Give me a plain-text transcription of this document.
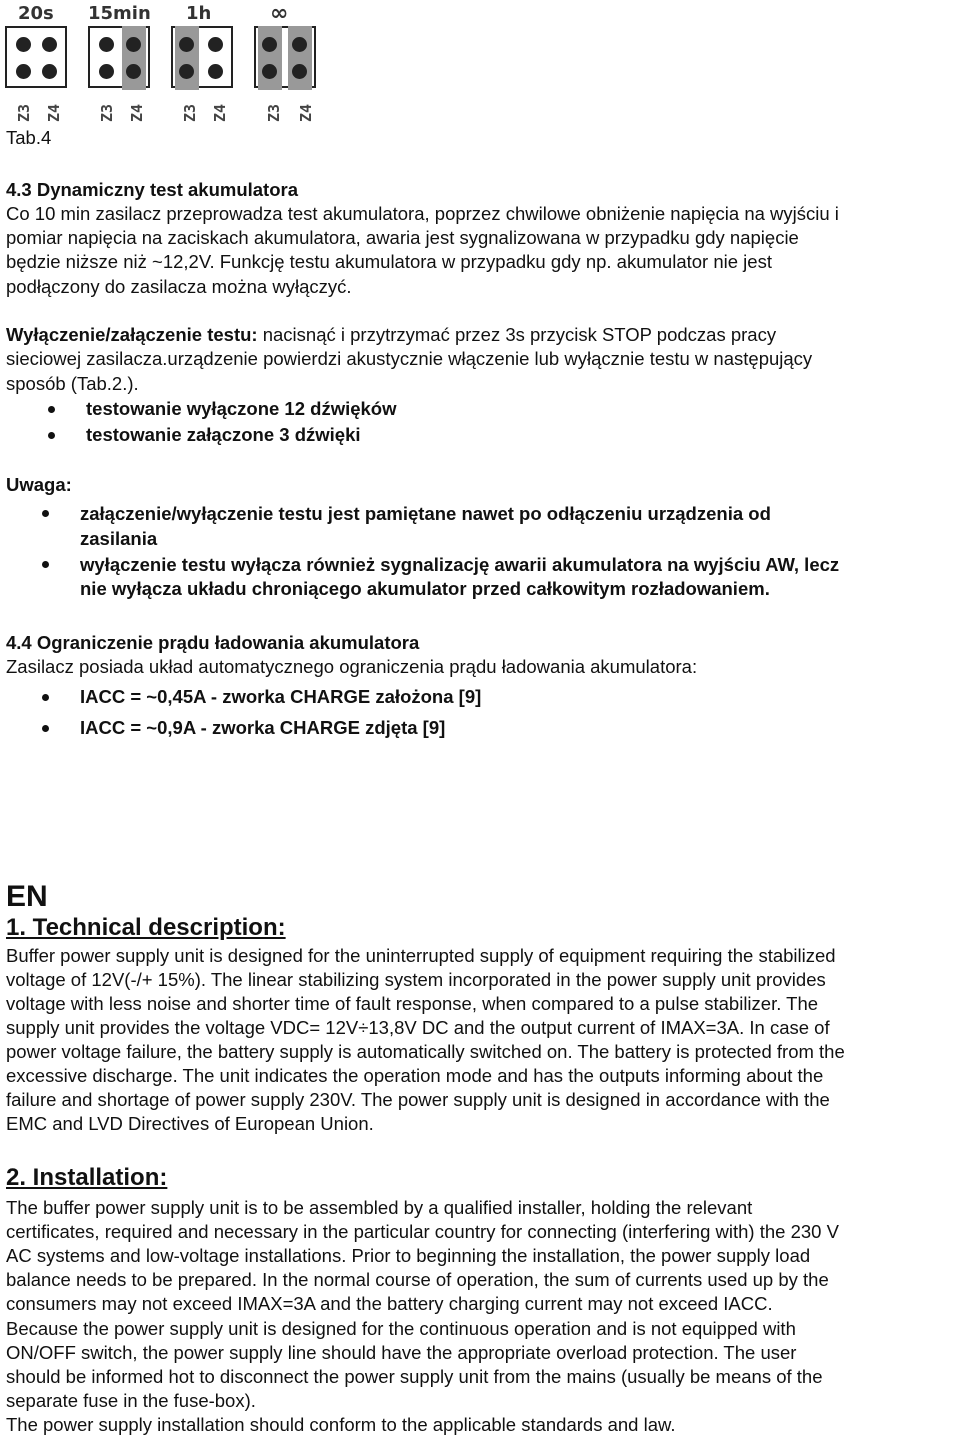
20s 15min 1h	∞
Z3 Z4 Z3 Z4 Z3 Z4 Z3 Z4
Tab.4
4.3 Dynamiczny test akumulatora
Co 10 min zasilacz przeprowadza test akumulatora, poprzez chwilowe obniżenie napięcia na wyjściu i
pomiar napięcia na zaciskach akumulatora, awaria jest sygnalizowana w przypadku gdy napięcie
będzie niższe niż ~12,2V. Funkcję testu akumulatora w przypadku gdy np. akumulator nie jest
podłączony do zasilacza można wyłączyć.
Wyłączenie/załączenie testu: nacisnąć i przytrzymać przez 3s przycisk STOP podczas pracy
sieciowej zasilacza.urządzenie powierdzi akustycznie włączenie lub wyłącznie testu w następujący
sposób (Tab.2.).
testowanie wyłączone 12 dźwięków
testowanie załączone 3 dźwięki
Uwaga:
załączenie/wyłączenie testu jest pamiętane nawet po odłączeniu urządzenia od
zasilania
wyłączenie testu wyłącza również sygnalizację awarii akumulatora na wyjściu AW, lecz
nie wyłącza układu chroniącego akumulator przed całkowitym rozładowaniem.
4.4 Ograniczenie prądu ładowania akumulatora
Zasilacz posiada układ automatycznego ograniczenia prądu ładowania akumulatora:
IACC = ~0,45A - zworka CHARGE założona [9]
IACC = ~0,9A - zworka CHARGE zdjęta [9]
EN
1. Technical description:
Buffer power supply unit is designed for the uninterrupted supply of equipment requiring the stabilized
voltage of 12V(-/+ 15%). The linear stabilizing system incorporated in the power supply unit provides
voltage with less noise and shorter time of fault response, when compared to a pulse stabilizer. The
supply unit provides the voltage VDC= 12V÷13,8V DC and the output current of IMAX=3A. In case of
power voltage failure, the battery supply is automatically switched on. The battery is protected from the
excessive discharge. The unit indicates the operation mode and has the outputs informing about the
failure and shortage of power supply 230V. The power supply unit is designed in accordance with the
EMC and LVD Directives of European Union.
2. Installation:
The buffer power supply unit is to be assembled by a qualified installer, holding the relevant
certificates, required and necessary in the particular country for connecting (interfering with) the 230 V
AC systems and low-voltage installations. Prior to beginning the installation, the power supply load
balance needs to be prepared. In the normal course of operation, the sum of currents used up by the
consumers may not exceed IMAX=3A and the battery charging current may not exceed IACC.
Because the power supply unit is designed for the continuous operation and is not equipped with
ON/OFF switch, the power supply line should have the appropriate overload protection. The user
should be informed hot to disconnect the power supply unit from the mains (usually be means of the
separate fuse in the fuse-box).
The power supply installation should conform to the applicable standards and law.
